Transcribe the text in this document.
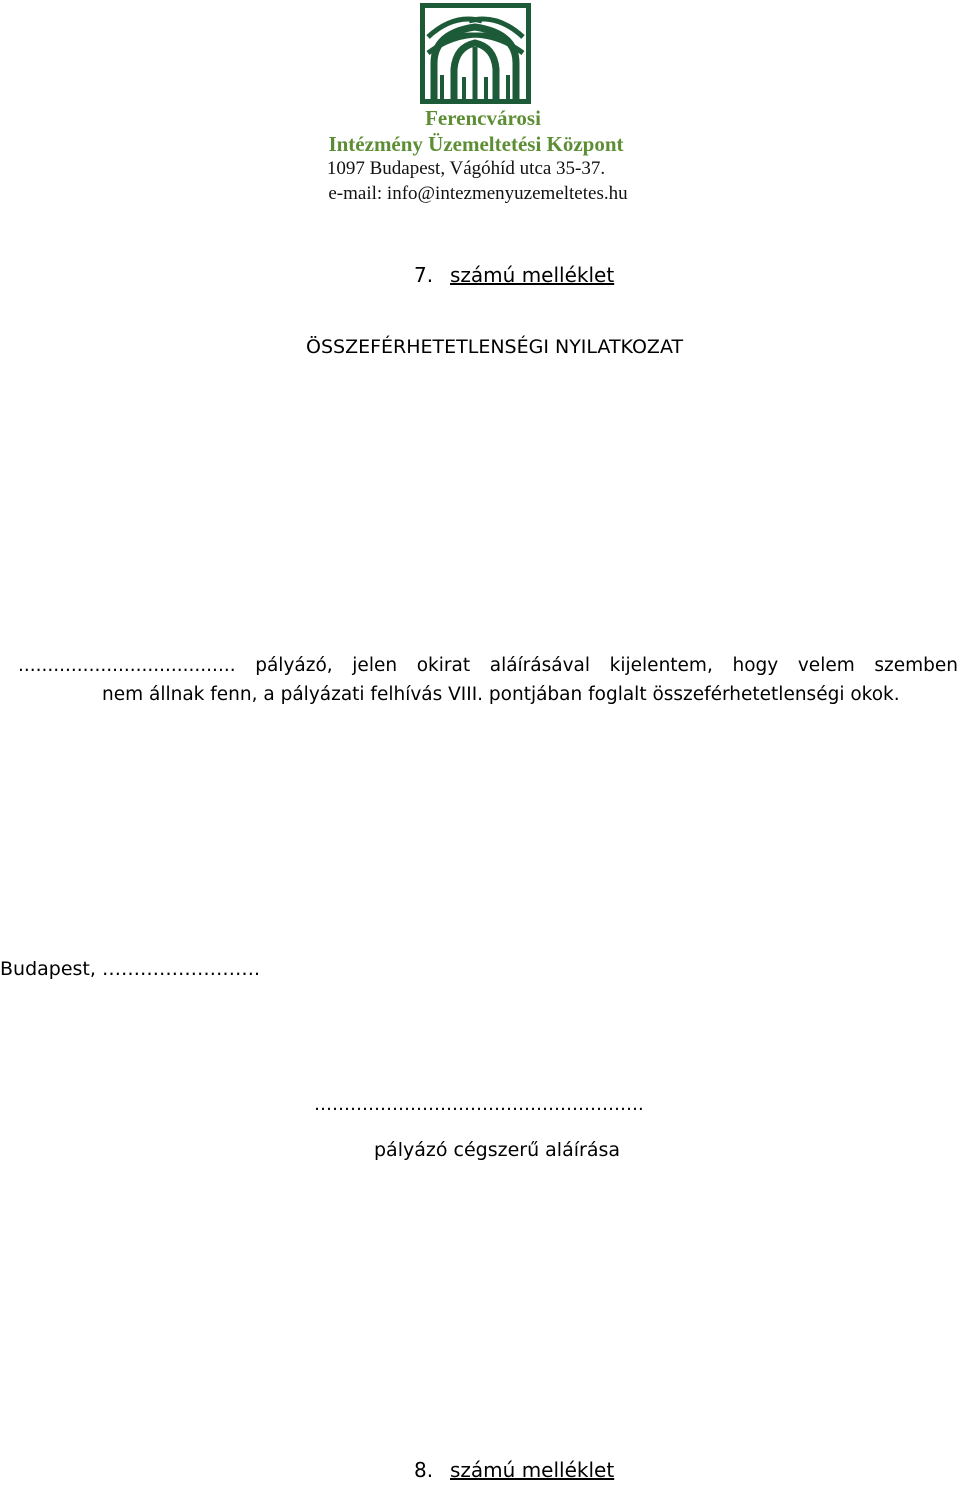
Ferencvárosi
Intézmény Üzemeltetési Központ
1097 Budapest, Vágóhíd utca 35-37.
e-mail: info@intezmenyuzemeltetes.hu
7. számú melléklet
ÖSSZEFÉRHETETLENSÉGI NYILATKOZAT
..................................... pályázó, jelen okirat aláírásával kijelentem, hogy velem szemben
nem állnak fenn, a pályázati felhívás VIII. pontjában foglalt összeférhetetlenségi okok.
Budapest, …………………….
……………………………………………….
pályázó cégszerű aláírása
8. számú melléklet
